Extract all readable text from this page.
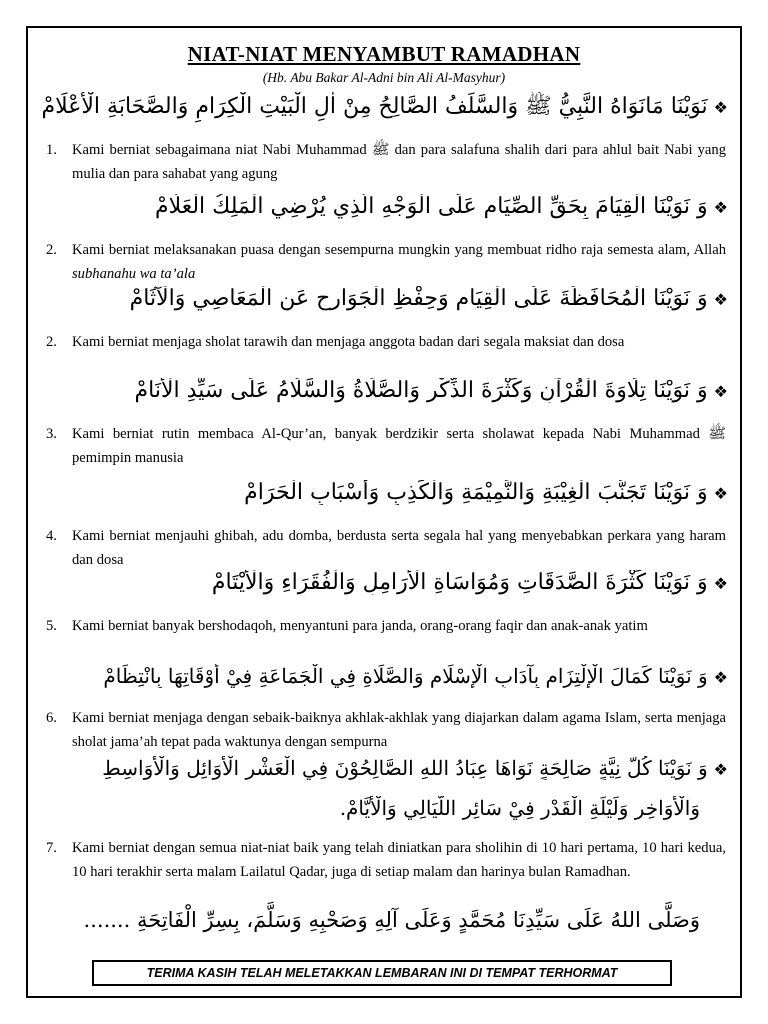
NIAT-NIAT MENYAMBUT RAMADHAN
(Hb. Abu Bakar Al-Adni bin Ali Al-Masyhur)
❖نَوَيْنَا مَانَوَاهُ النَّبِيُّ ﷺ وَالسَّلَفُ الصَّالِحُ مِنْ اٰلِ الْبَيْتِ الْكِرَامِ وَالصَّحَابَةِ الْأَعْلَامْ
1. Kami berniat sebagaimana niat Nabi Muhammad ﷺ dan para salafuna shalih dari para ahlul bait Nabi yang mulia dan para sahabat yang agung
❖وَ نَوَيْنَا الْقِيَامَ بِحَقِّ الصِّيَامِ عَلَى الْوَجْهِ الَّذِي يُرْضِي الْمَلِكُ الْعَلَّامْ
2. Kami berniat melaksanakan puasa dengan sesempurna mungkin yang membuat ridho raja semesta alam, Allah subhanahu wa ta’ala
❖وَ نَوَيْنَا الْمُحَافَظَةَ عَلَى الْقِيَامِ وَحِفْظِ الْجَوَارِحِ عَنِ الْمَعَاصِي وَالْآثَامْ
2. Kami berniat menjaga sholat tarawih dan menjaga anggota badan dari segala maksiat dan dosa
❖وَ نَوَيْنَا تِلَاوَةَ الْقُرْآنِ وَكَثْرَةَ الذِّكْرِ وَالصَّلَاةُ وَالسَّلَامُ عَلَى سَيِّدِ الْأَنَامْ
3. Kami berniat rutin membaca Al-Qur’an, banyak berdzikir serta sholawat kepada Nabi Muhammad ﷺ pemimpin manusia
❖وَ نَوَيْنَا تَجَنُّبَ الْغِيْبَةِ وَالنَّمِيْمَةِ وَالْكَذِبِ وَأَسْبَابِ الْحَرَامْ
4. Kami berniat menjauhi ghibah, adu domba, berdusta serta segala hal yang menyebabkan perkara yang haram dan dosa
❖وَ نَوَيْنَا كَثْرَةَ الصَّدَقَاتِ وَمُوَاسَاةِ الْأَرَامِلِ وَالْفُقَرَاءِ وَالْأَيْتَامْ
5. Kami berniat banyak bershodaqoh, menyantuni para janda, orang-orang faqir dan anak-anak yatim
❖وَ نَوَيْنَا كَمَالَ الْإِلْتِزَامِ بِآدَابِ الْإِسْلَامِ وَالصَّلَاةِ فِي الْجَمَاعَةِ فِيْ أَوْقَاتِهَا بِانْتِظَامْ
6. Kami berniat menjaga dengan sebaik-baiknya akhlak-akhlak yang diajarkan dalam agama Islam, serta menjaga sholat jama’ah tepat pada waktunya dengan sempurna
❖وَ نَوَيْنَا كُلَّ نِيَّةٍ صَالِحَةٍ نَوَاهَا عِبَادُ اللهِ الصَّالِحُوْنَ فِي الْعَشْرِ الْأَوَائِلِ وَالْأَوَاسِطِ
وَالْأَوَاخِرِ وَلَيْلَةِ الْقَدْرِ فِيْ سَائِرِ اللَّيَالِي وَالْأَيَّامْ.
7. Kami berniat dengan semua niat-niat baik yang telah diniatkan para sholihin di 10 hari pertama, 10 hari kedua, 10 hari terakhir serta malam Lailatul Qadar, juga di setiap malam dan harinya bulan Ramadhan.
وَصَلَّى اللهُ عَلَى سَيِّدِنَا مُحَمَّدٍ وَعَلَى آلِهِ وَصَحْبِهِ وَسَلَّمَ، بِسِرِّ الْفَاتِحَةِ .......
TERIMA KASIH TELAH MELETAKKAN LEMBARAN INI DI TEMPAT TERHORMAT
